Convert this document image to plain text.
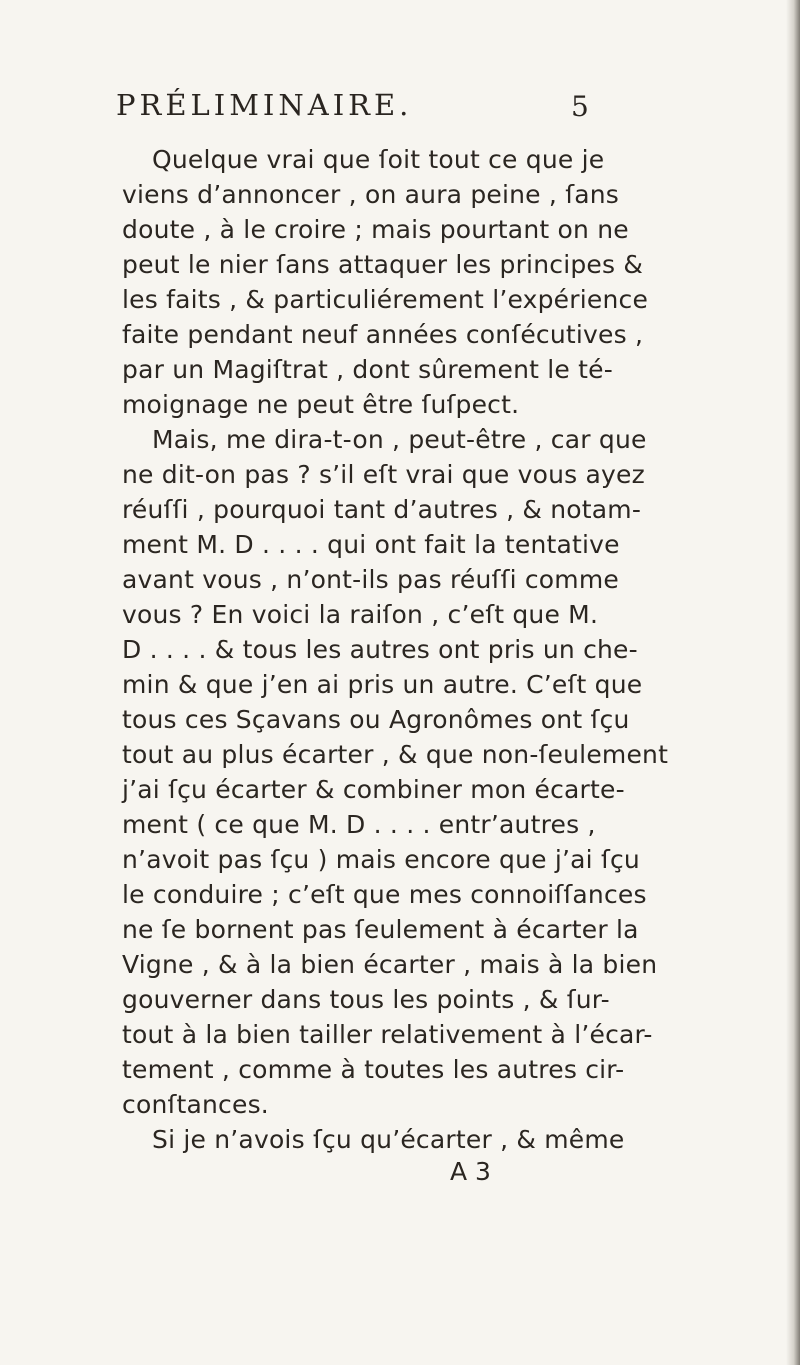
PRÉLIMINAIRE.	5
Quelque vrai que ſoit tout ce que je
viens d’annoncer , on aura peine , ſans
doute , à le croire ; mais pourtant on ne
peut le nier ſans attaquer les principes &
les faits , & particuliérement l’expérience
faite pendant neuf années conſécutives ,
par un Magiſtrat , dont sûrement le té-
moignage ne peut être ſuſpect.
Mais, me dira-t-on , peut-être , car que
ne dit-on pas ? s’il eſt vrai que vous ayez
réuſſi , pourquoi tant d’autres , & notam-
ment M. D . . . . qui ont fait la tentative
avant vous , n’ont-ils pas réuſſi comme
vous ? En voici la raiſon , c’eſt que M.
D . . . . & tous les autres ont pris un che-
min & que j’en ai pris un autre. C’eſt que
tous ces Sçavans ou Agronômes ont ſçu
tout au plus écarter , & que non-ſeulement
j’ai ſçu écarter & combiner mon écarte-
ment ( ce que M. D . . . . entr’autres ,
n’avoit pas ſçu ) mais encore que j’ai ſçu
le conduire ; c’eſt que mes connoiſſances
ne ſe bornent pas ſeulement à écarter la
Vigne , & à la bien écarter , mais à la bien
gouverner dans tous les points , & ſur-
tout à la bien tailler relativement à l’écar-
tement , comme à toutes les autres cir-
conſtances.
Si je n’avois ſçu qu’écarter , & même
A 3
